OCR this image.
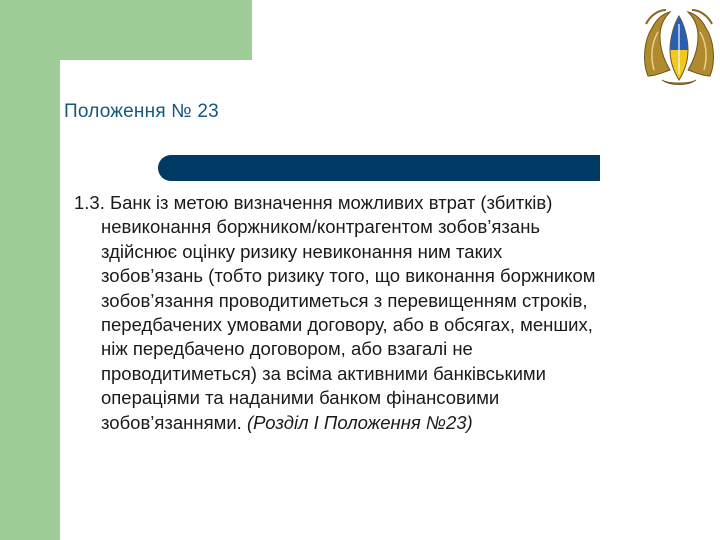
Положення № 23
1.3. Банк із метою визначення можливих втрат (збитків)
невиконання боржником/контрагентом зобов’язань
здійснює оцінку ризику невиконання ним таких
зобов’язань (тобто ризику того, що виконання боржником
зобов’язання проводитиметься з перевищенням строків,
передбачених умовами договору, або в обсягах, менших,
ніж передбачено договором, або взагалі не
проводитиметься) за всіма активними банківськими
операціями та наданими банком фінансовими
зобов’язаннями. (Розділ І Положення №23)
